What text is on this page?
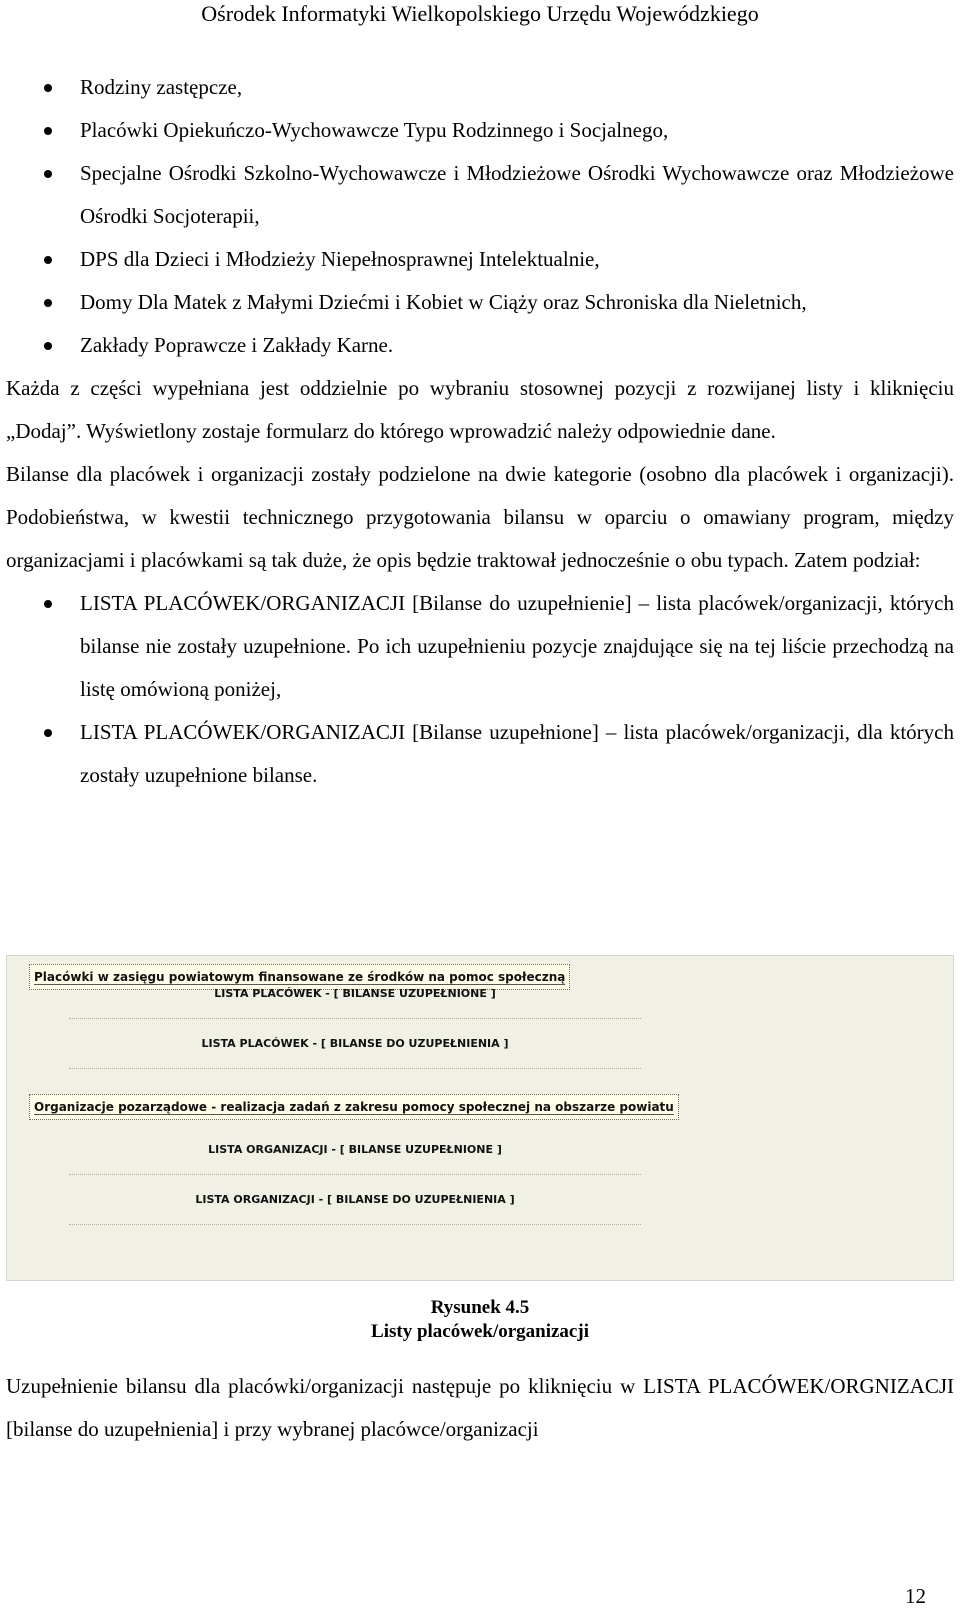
Ośrodek Informatyki Wielkopolskiego Urzędu Wojewódzkiego
Rodziny zastępcze,
Placówki Opiekuńczo-Wychowawcze Typu Rodzinnego i Socjalnego,
Specjalne Ośrodki Szkolno-Wychowawcze i Młodzieżowe Ośrodki Wychowawcze oraz Młodzieżowe Ośrodki Socjoterapii,
DPS dla Dzieci i Młodzieży Niepełnosprawnej Intelektualnie,
Domy Dla Matek z Małymi Dziećmi i Kobiet w Ciąży oraz Schroniska dla Nieletnich,
Zakłady Poprawcze i Zakłady Karne.

Każda z części wypełniana jest oddzielnie po wybraniu stosownej pozycji z rozwijanej listy i kliknięciu „Dodaj”. Wyświetlony zostaje formularz do którego wprowadzić należy odpowiednie dane.

Bilanse dla placówek i organizacji zostały podzielone na dwie kategorie (osobno dla placówek i organizacji). Podobieństwa, w kwestii technicznego przygotowania bilansu w oparciu o omawiany program, między organizacjami i placówkami są tak duże, że opis będzie traktował jednocześnie o obu typach. Zatem podział:

LISTA PLACÓWEK/ORGANIZACJI [Bilanse do uzupełnienie] – lista placówek/organizacji, których bilanse nie zostały uzupełnione. Po ich uzupełnieniu pozycje znajdujące się na tej liście przechodzą na listę omówioną poniżej,
LISTA PLACÓWEK/ORGANIZACJI [Bilanse uzupełnione] – lista placówek/organizacji, dla których zostały uzupełnione bilanse.
Placówki w zasięgu powiatowym finansowane ze środków na pomoc społeczną
LISTA PLACÓWEK - [ BILANSE UZUPEŁNIONE ]
LISTA PLACÓWEK - [ BILANSE DO UZUPEŁNIENIA ]
Organizacje pozarządowe - realizacja zadań z zakresu pomocy społecznej na obszarze powiatu
LISTA ORGANIZACJI - [ BILANSE UZUPEŁNIONE ]
LISTA ORGANIZACJI - [ BILANSE DO UZUPEŁNIENIA ]
Rysunek 4.5
Listy placówek/organizacji

Uzupełnienie bilansu dla placówki/organizacji następuje po kliknięciu w LISTA PLACÓWEK/ORGNIZACJI [bilanse do uzupełnienia] i przy wybranej placówce/organizacji

12
